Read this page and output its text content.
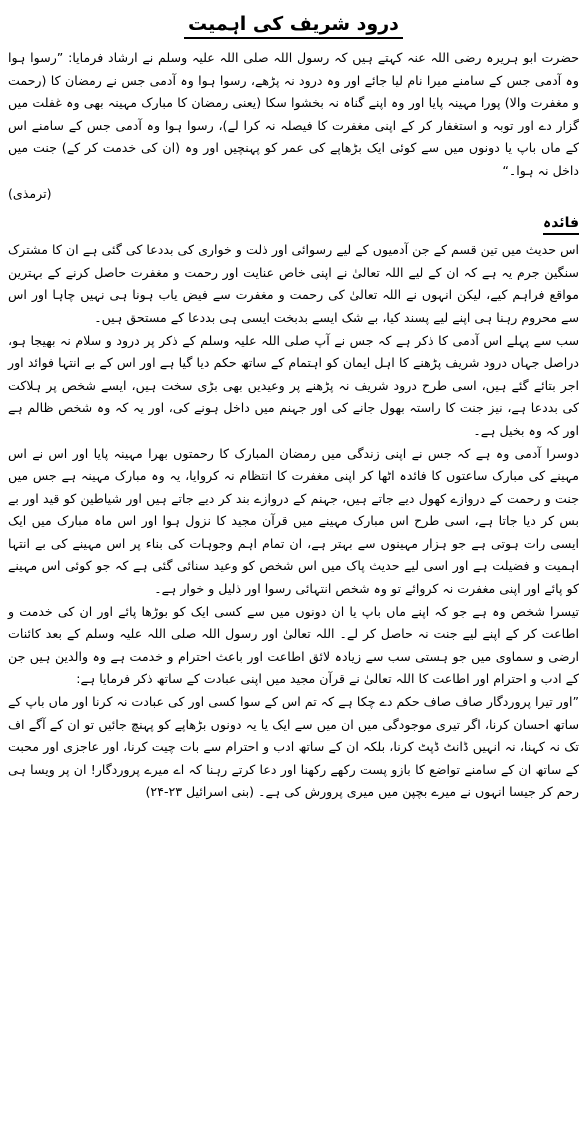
درود شریف کی اہمیت

حضرت ابو ہریرہ رضی اللہ عنہ کہتے ہیں کہ رسول اللہ صلی اللہ علیہ وسلم نے ارشاد فرمایا: ”رسوا ہوا وہ آدمی جس کے سامنے میرا نام لیا جائے اور وہ درود نہ پڑھے، رسوا ہوا وہ آدمی جس نے رمضان کا (رحمت و مغفرت والا) پورا مہینہ پایا اور وہ اپنے گناہ نہ بخشوا سکا (یعنی رمضان کا مبارک مہینہ بھی وہ غفلت میں گزار دے اور توبہ و استغفار کر کے اپنی مغفرت کا فیصلہ نہ کرا لے)، رسوا ہوا وہ آدمی جس کے سامنے اس کے ماں باپ یا دونوں میں سے کوئی ایک بڑھاپے کی عمر کو پہنچیں اور وہ (ان کی خدمت کر کے) جنت میں داخل نہ ہوا۔“

(ترمذی)

فائدہ

اس حدیث میں تین قسم کے جن آدمیوں کے لیے رسوائی اور ذلت و خواری کی بددعا کی گئی ہے ان کا مشترک سنگین جرم یہ ہے کہ ان کے لیے اللہ تعالیٰ نے اپنی خاص عنایت اور رحمت و مغفرت حاصل کرنے کے بہترین مواقع فراہم کیے، لیکن انہوں نے اللہ تعالیٰ کی رحمت و مغفرت سے فیض یاب ہونا ہی نہیں چاہا اور اس سے محروم رہنا ہی اپنے لیے پسند کیا، بے شک ایسے بدبخت ایسی ہی بددعا کے مستحق ہیں۔

سب سے پہلے اس آدمی کا ذکر ہے کہ جس نے آپ صلی اللہ علیہ وسلم کے ذکر پر درود و سلام نہ بھیجا ہو، دراصل جہاں درود شریف پڑھنے کا اہل ایمان کو اہتمام کے ساتھ حکم دیا گیا ہے اور اس کے بے انتہا فوائد اور اجر بتائے گئے ہیں، اسی طرح درود شریف نہ پڑھنے پر وعیدیں بھی بڑی سخت ہیں، ایسے شخص پر ہلاکت کی بددعا ہے، نیز جنت کا راستہ بھول جانے کی اور جہنم میں داخل ہونے کی، اور یہ کہ وہ شخص ظالم ہے اور کہ وہ بخیل ہے۔

دوسرا آدمی وہ ہے کہ جس نے اپنی زندگی میں رمضان المبارک کا رحمتوں بھرا مہینہ پایا اور اس نے اس مہینے کی مبارک ساعتوں کا فائدہ اٹھا کر اپنی مغفرت کا انتظام نہ کروایا، یہ وہ مبارک مہینہ ہے جس میں جنت و رحمت کے دروازے کھول دیے جاتے ہیں، جہنم کے دروازے بند کر دیے جاتے ہیں اور شیاطین کو قید اور بے بس کر دیا جاتا ہے، اسی طرح اس مبارک مہینے میں قرآن مجید کا نزول ہوا اور اس ماہ مبارک میں ایک ایسی رات ہوتی ہے جو ہزار مہینوں سے بہتر ہے، ان تمام اہم وجوہات کی بناء پر اس مہینے کی بے انتہا اہمیت و فضیلت ہے اور اسی لیے حدیث پاک میں اس شخص کو وعید سنائی گئی ہے کہ جو کوئی اس مہینے کو پائے اور اپنی مغفرت نہ کروائے تو وہ شخص انتہائی رسوا اور ذلیل و خوار ہے۔

تیسرا شخص وہ ہے جو کہ اپنے ماں باپ یا ان دونوں میں سے کسی ایک کو بوڑھا پائے اور ان کی خدمت و اطاعت کر کے اپنے لیے جنت نہ حاصل کر لے۔ اللہ تعالیٰ اور رسول اللہ صلی اللہ علیہ وسلم کے بعد کائنات ارضی و سماوی میں جو ہستی سب سے زیادہ لائق اطاعت اور باعث احترام و خدمت ہے وہ والدین ہیں جن کے ادب و احترام اور اطاعت کا اللہ تعالیٰ نے قرآن مجید میں اپنی عبادت کے ساتھ ذکر فرمایا ہے:

”اور تیرا پروردگار صاف صاف حکم دے چکا ہے کہ تم اس کے سوا کسی اور کی عبادت نہ کرنا اور ماں باپ کے ساتھ احسان کرنا، اگر تیری موجودگی میں ان میں سے ایک یا یہ دونوں بڑھاپے کو پہنچ جائیں تو ان کے آگے اف تک نہ کہنا، نہ انہیں ڈانٹ ڈپٹ کرنا، بلکہ ان کے ساتھ ادب و احترام سے بات چیت کرنا، اور عاجزی اور محبت کے ساتھ ان کے سامنے تواضع کا بازو پست رکھے رکھنا اور دعا کرتے رہنا کہ اے میرے پروردگار! ان پر ویسا ہی رحم کر جیسا انہوں نے میرے بچپن میں میری پرورش کی ہے۔ (بنی اسرائیل ۲۳-۲۴)
